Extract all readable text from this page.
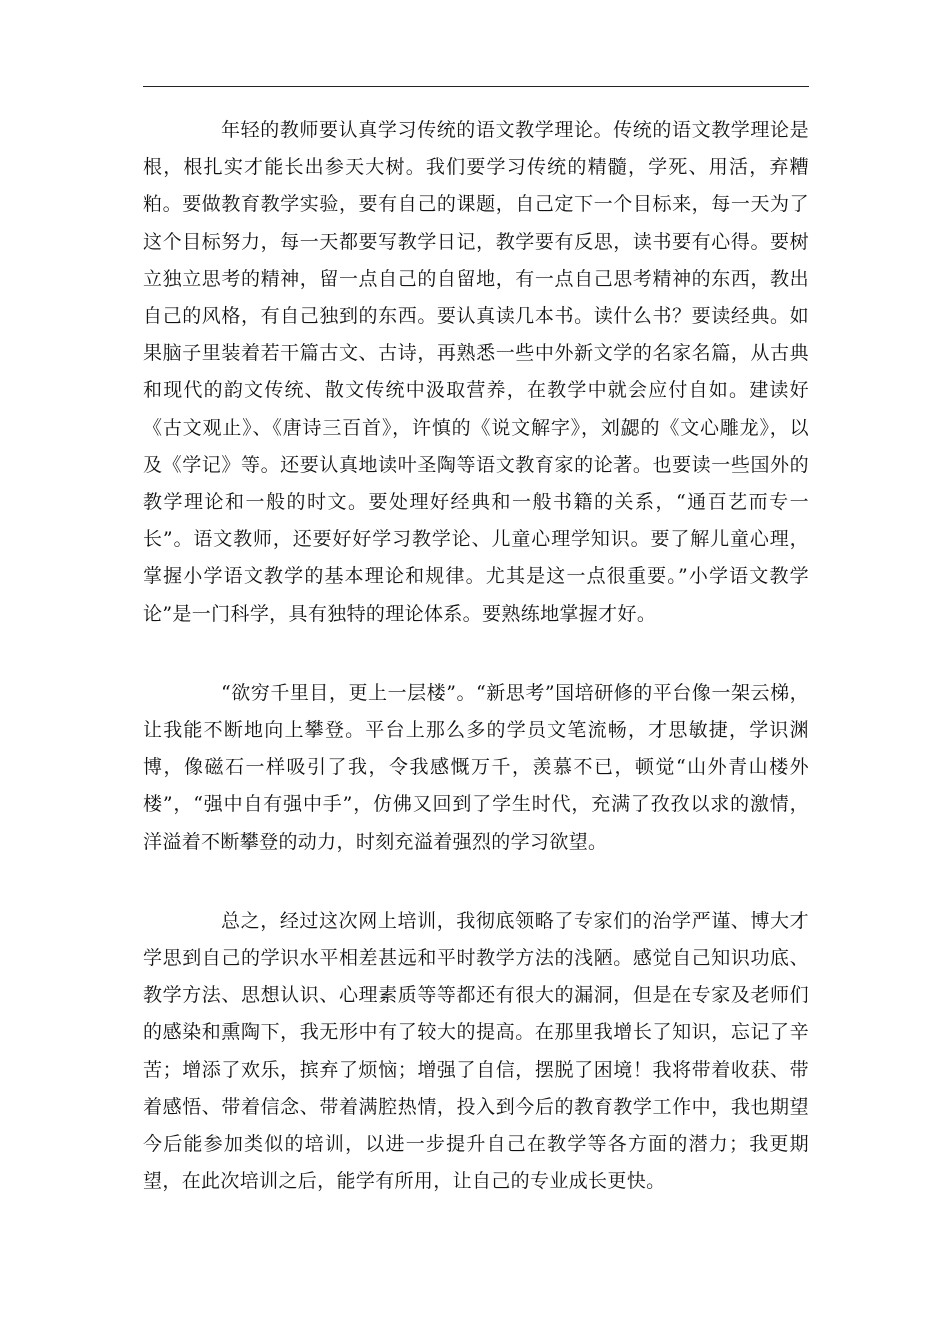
年轻的教师要认真学习传统的语文教学理论。传统的语文教学理论是根，根扎实才能长出参天大树。我们要学习传统的精髓，学死、用活，弃糟粕。要做教育教学实验，要有自己的课题，自己定下一个目标来，每一天为了这个目标努力，每一天都要写教学日记，教学要有反思，读书要有心得。要树立独立思考的精神，留一点自己的自留地，有一点自己思考精神的东西，教出自己的风格，有自己独到的东西。要认真读几本书。读什么书？要读经典。如果脑子里装着若干篇古文、古诗，再熟悉一些中外新文学的名家名篇，从古典和现代的韵文传统、散文传统中汲取营养，在教学中就会应付自如。建读好《古文观止》、《唐诗三百首》，许慎的《说文解字》，刘勰的《文心雕龙》，以及《学记》等。还要认真地读叶圣陶等语文教育家的论著。也要读一些国外的教学理论和一般的时文。要处理好经典和一般书籍的关系，“通百艺而专一长”。语文教师，还要好好学习教学论、儿童心理学知识。要了解儿童心理，掌握小学语文教学的基本理论和规律。尤其是这一点很重要。”小学语文教学论”是一门科学，具有独特的理论体系。要熟练地掌握才好。

“欲穷千里目，更上一层楼”。“新思考”国培研修的平台像一架云梯，让我能不断地向上攀登。平台上那么多的学员文笔流畅，才思敏捷，学识渊博，像磁石一样吸引了我，令我感慨万千，羡慕不已，顿觉“山外青山楼外楼”，“强中自有强中手”，仿佛又回到了学生时代，充满了孜孜以求的激情，洋溢着不断攀登的动力，时刻充溢着强烈的学习欲望。

总之，经过这次网上培训，我彻底领略了专家们的治学严谨、博大才学思到自己的学识水平相差甚远和平时教学方法的浅陋。感觉自己知识功底、教学方法、思想认识、心理素质等等都还有很大的漏洞，但是在专家及老师们的感染和熏陶下，我无形中有了较大的提高。在那里我增长了知识，忘记了辛苦；增添了欢乐，摈弃了烦恼；增强了自信，摆脱了困境！我将带着收获、带着感悟、带着信念、带着满腔热情，投入到今后的教育教学工作中，我也期望今后能参加类似的培训，以进一步提升自己在教学等各方面的潜力；我更期望，在此次培训之后，能学有所用，让自己的专业成长更快。
